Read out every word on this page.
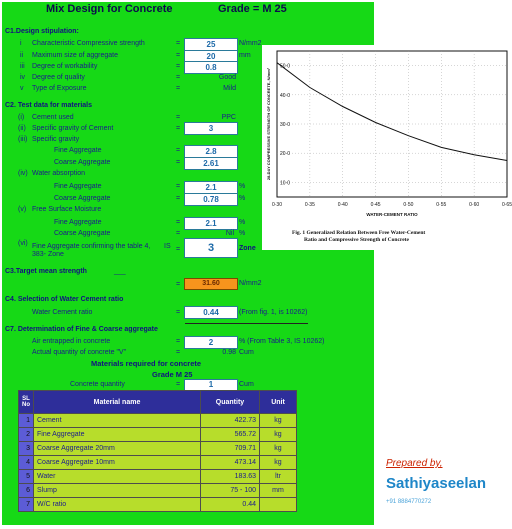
Mix Design for Concrete	Grade = M 25
C1.Design stipulation:
i Characteristic Compressive strength	=	25	N/mm2
ii Maximum size of aggregate	=	20	mm
iii Degree of workability	=	0.8
iv Degree of quality	=	Good
v Type of Exposure	=	Mild
C2. Test data for materials
(i) Cement used	=	PPC
(ii) Specific gravity of Cement	=	3
(iii) Specific gravity
Fine Aggregate	=	2.8
Coarse Aggregate	=	2.61
(iv) Water absorption
Fine Aggregate	=	2.1	%
Coarse Aggregate	=	0.78	%
(v) Free Surface Moisture
Fine Aggregate	=	2.1	%
Coarse Aggregate	=	Nil %
(vi) Fine Aggregate confirming the table 4,
383- Zone
IS =	3	Zone
C3.Target mean strength	___
=	31.60	N/mm2
C4. Selection of Water Cement ratio
Water Cement ratio	=	0.44	(From fig. 1, is 10262)
C7. Determination of Fine & Coarse aggregate
Air entrapped in concrete	=	2	% (From Table 3, IS 10262)
Actual quantity of concrete "V"	=	0.98 Cum
Materials required for concrete
Grade M 25
Concrete quantity	=	1	Cum
SL No	Material name	Quantity	Unit
1	Cement	422.73	kg
2	Fine Aggregate	565.72	kg
3	Coarse Aggregate 20mm	709.71	kg
4	Coarse Aggregate 10mm	473.14	kg
5	Water	183.63	ltr
6	Slump	75 - 100	mm
7	W/C ratio	0.44	
0·30	0·35	0·40	0·45	0·50	0·55	0·60	0·65
50·0
40·0
30·0
20·0
10·0
WATER-CEMENT RATIO
28-DAY COMPRESSIVE STRENGTH OF CONCRETE, N/mm²
Fig. 1 Generalized Relation Between Free Water-Cement
Ratio and Compressive Strength of Concrete
Prepared by,
Sathiyaseelan
+91 8884770272
